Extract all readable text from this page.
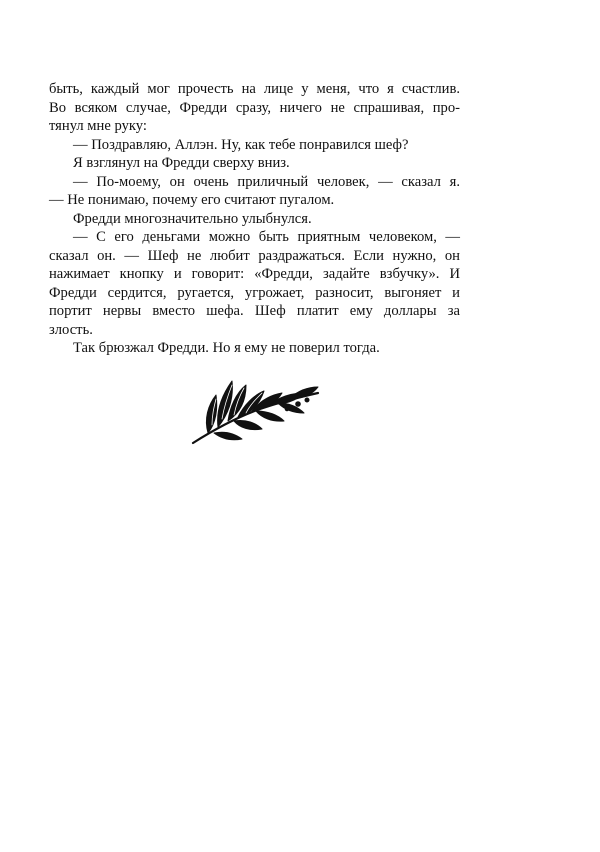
быть, каждый мог прочесть на лице у меня, что я счастлив.
Во всяком случае, Фредди сразу, ничего не спрашивая, про-
тянул мне руку:
— Поздравляю, Аллэн. Ну, как тебе понравился шеф?
Я взглянул на Фредди сверху вниз.
— По-моему, он очень приличный человек, — сказал я.
— Не понимаю, почему его считают пугалом.
Фредди многозначительно улыбнулся.
— С его деньгами можно быть приятным человеком, —
сказал он. — Шеф не любит раздражаться. Если нужно, он
нажимает кнопку и говорит: «Фредди, задайте взбучку». И
Фредди сердится, ругается, угрожает, разносит, выгоняет и
портит нервы вместо шефа. Шеф платит ему доллары за
злость.
Так брюзжал Фредди. Но я ему не поверил тогда.
